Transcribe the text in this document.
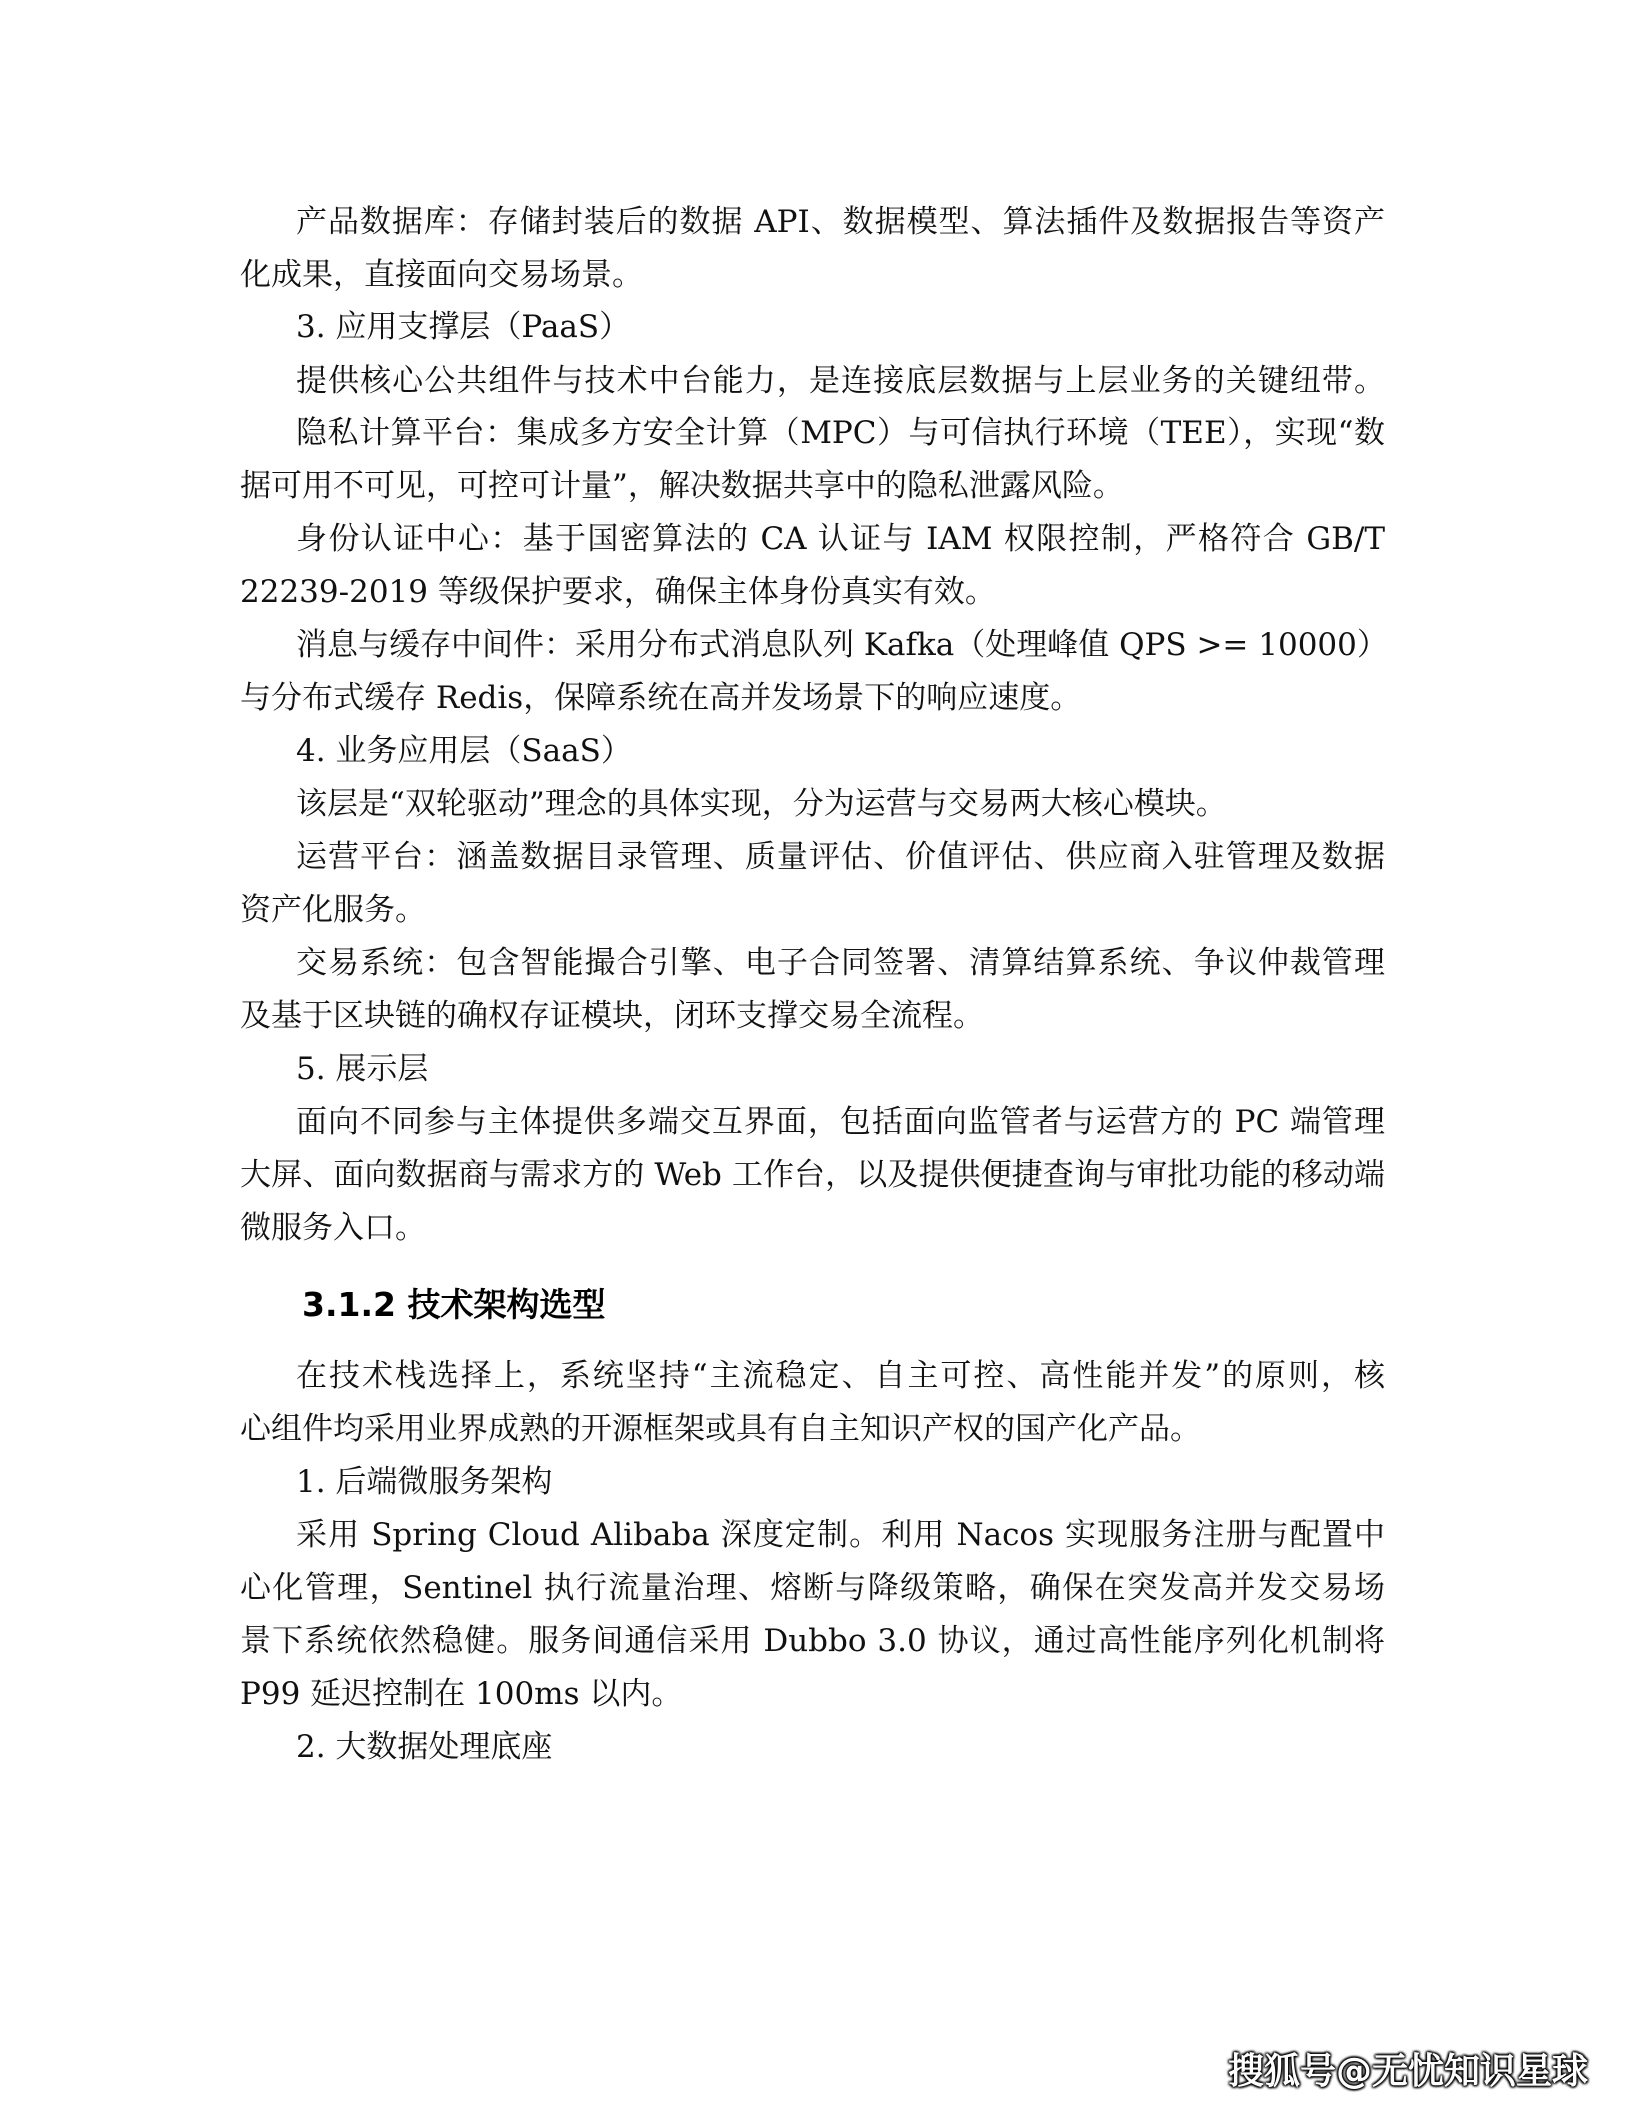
产品数据库：存储封装后的数据 API、数据模型、算法插件及数据报告等资产
化成果，直接面向交易场景。
3. 应用支撑层（PaaS）
提供核心公共组件与技术中台能力，是连接底层数据与上层业务的关键纽带。
隐私计算平台：集成多方安全计算（MPC）与可信执行环境（TEE），实现“数
据可用不可见，可控可计量”，解决数据共享中的隐私泄露风险。
身份认证中心：基于国密算法的 CA 认证与 IAM 权限控制，严格符合 GB/T
22239-2019 等级保护要求，确保主体身份真实有效。
消息与缓存中间件：采用分布式消息队列 Kafka（处理峰值 QPS >= 10000）
与分布式缓存 Redis，保障系统在高并发场景下的响应速度。
4. 业务应用层（SaaS）
该层是“双轮驱动”理念的具体实现，分为运营与交易两大核心模块。
运营平台：涵盖数据目录管理、质量评估、价值评估、供应商入驻管理及数据
资产化服务。
交易系统：包含智能撮合引擎、电子合同签署、清算结算系统、争议仲裁管理
及基于区块链的确权存证模块，闭环支撑交易全流程。
5. 展示层
面向不同参与主体提供多端交互界面，包括面向监管者与运营方的 PC 端管理
大屏、面向数据商与需求方的 Web 工作台，以及提供便捷查询与审批功能的移动端
微服务入口。
3.1.2 技术架构选型
在技术栈选择上，系统坚持“主流稳定、自主可控、高性能并发”的原则，核
心组件均采用业界成熟的开源框架或具有自主知识产权的国产化产品。
1. 后端微服务架构
采用 Spring Cloud Alibaba 深度定制。利用 Nacos 实现服务注册与配置中
心化管理，Sentinel 执行流量治理、熔断与降级策略，确保在突发高并发交易场
景下系统依然稳健。服务间通信采用 Dubbo 3.0 协议，通过高性能序列化机制将
P99 延迟控制在 100ms 以内。
2. 大数据处理底座
搜狐号@无忧知识星球
